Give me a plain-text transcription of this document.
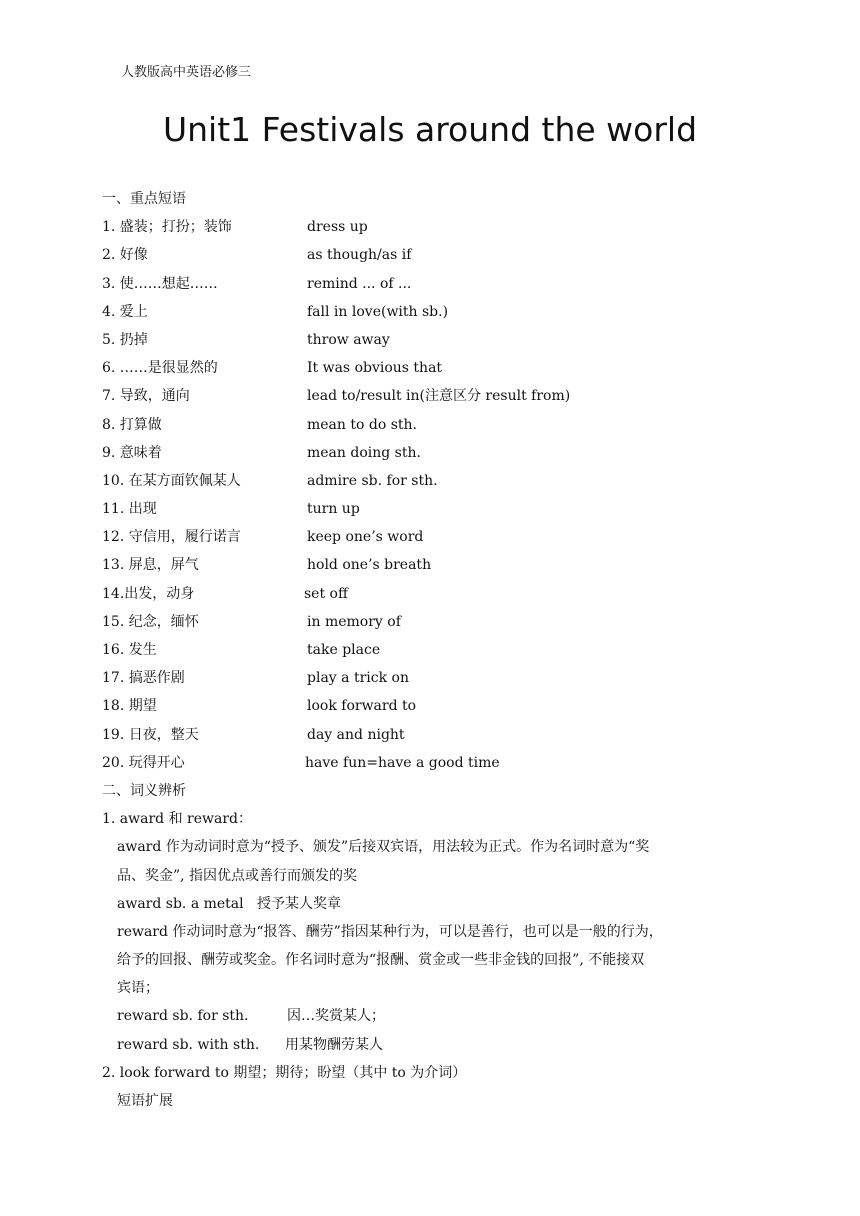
人教版高中英语必修三
Unit1 Festivals around the world
一、重点短语
1. 盛装；打扮；装饰	dress up
2. 好像	as though/as if
3. 使……想起……	remind ... of ...
4. 爱上	fall in love(with sb.)
5. 扔掉	throw away
6. ……是很显然的	It was obvious that
7. 导致，通向	lead to/result in(注意区分 result from)
8. 打算做	mean to do sth.
9. 意味着	mean doing sth.
10. 在某方面钦佩某人	admire sb. for sth.
11. 出现	turn up
12. 守信用，履行诺言	keep one’s word
13. 屏息，屏气	hold one’s breath
14.出发，动身	set off
15. 纪念，缅怀	in memory of
16. 发生	take place
17. 搞恶作剧	play a trick on
18. 期望	look forward to
19. 日夜，整天	day and night
20. 玩得开心	have fun=have a good time
二、词义辨析
1. award 和 reward：
award 作为动词时意为“授予、颁发”后接双宾语，用法较为正式。作为名词时意为“奖
品、奖金”, 指因优点或善行而颁发的奖
award sb. a metal 授予某人奖章
reward 作动词时意为“报答、酬劳”指因某种行为，可以是善行，也可以是一般的行为，
给予的回报、酬劳或奖金。作名词时意为“报酬、赏金或一些非金钱的回报”, 不能接双
宾语；
reward sb. for sth.	因…奖赏某人；
reward sb. with sth. 用某物酬劳某人
2. look forward to 期望；期待；盼望（其中 to 为介词）
短语扩展
